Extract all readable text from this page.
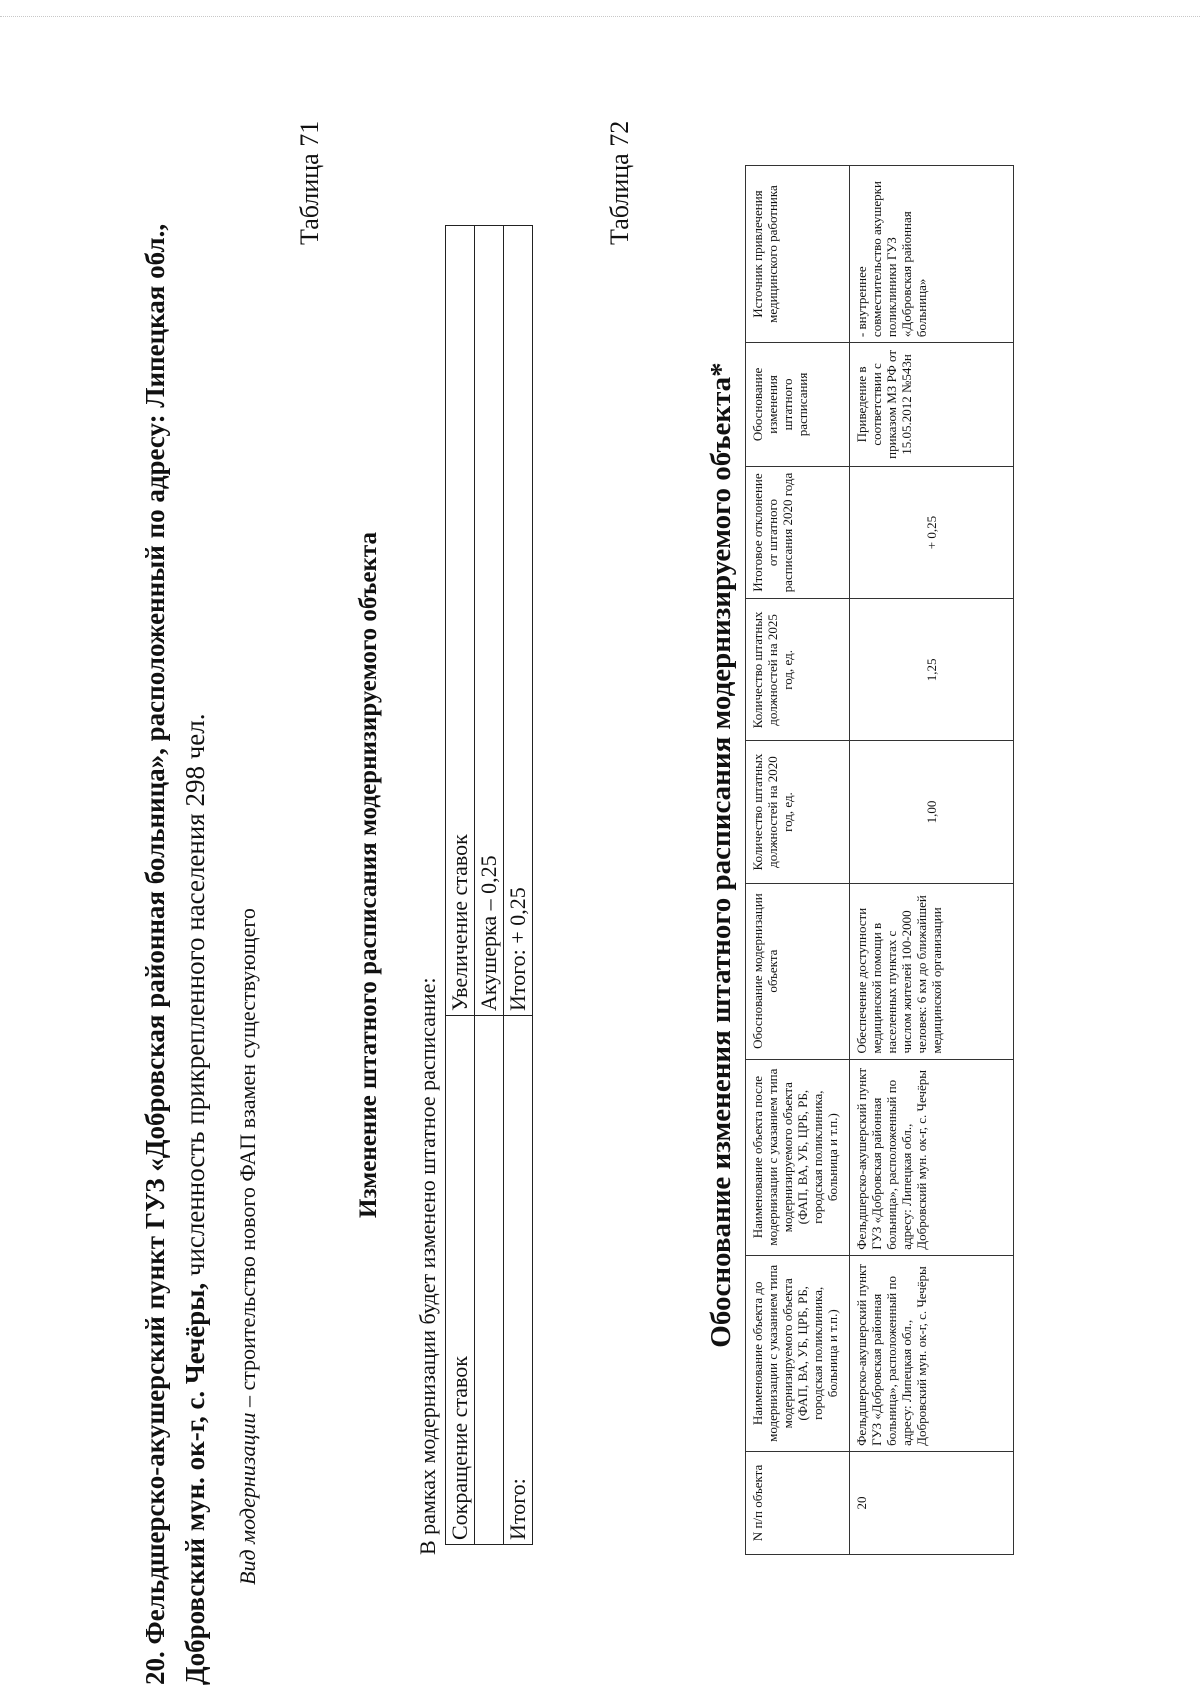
20. Фельдшерско-акушерский пункт ГУЗ «Добровская районная больница», расположенный по адресу: Липецкая обл., Добровский мун. ок-г, с. Чечёры, численность прикрепленного населения 298 чел.
Вид модернизации – строительство нового ФАП взамен существующего
Таблица 71
Изменение штатного расписания модернизируемого объекта
В рамках модернизации будет изменено штатное расписание: Сокращение ставок	Увеличение ставок
	Акушерка – 0,25
Итого:	Итого: + 0,25
Таблица 72
Обоснование изменения штатного расписания модернизируемого объекта*
N п/п объекта	Наименование объекта до модернизации с указанием типа модернизируемого объекта (ФАП, ВА, УБ, ЦРБ, РБ, городская поликлиника, больница и т.п.)	Наименование объекта после модернизации с указанием типа модернизируемого объекта (ФАП, ВА, УБ, ЦРБ, РБ, городская поликлиника, больница и т.п.)	Обоснование модернизации объекта	Количество штатных должностей на 2020 год, ед.	Количество штатных должностей на 2025 год, ед.	Итоговое отклонение от штатного расписания 2020 года	Обоснование изменения штатного расписания	Источник привлечения медицинского работника
20	Фельдшерско-акушерский пункт ГУЗ «Добровская районная больница», расположенный по адресу: Липецкая обл., Добровский мун. ок-г, с. Чечёры	Фельдшерско-акушерский пункт ГУЗ «Добровская районная больница», расположенный по адресу: Липецкая обл., Добровский мун. ок-г, с. Чечёры	Обеспечение доступности медицинской помощи в населенных пунктах с числом жителей 100-2000 человек: 6 км до ближайшей медицинской организации	1,00	1,25	+ 0,25	Приведение в соответствии с приказом МЗ РФ от 15.05.2012 №543н	- внутреннее совместительство акушерки поликлиники ГУЗ «Добровская районная больница»
